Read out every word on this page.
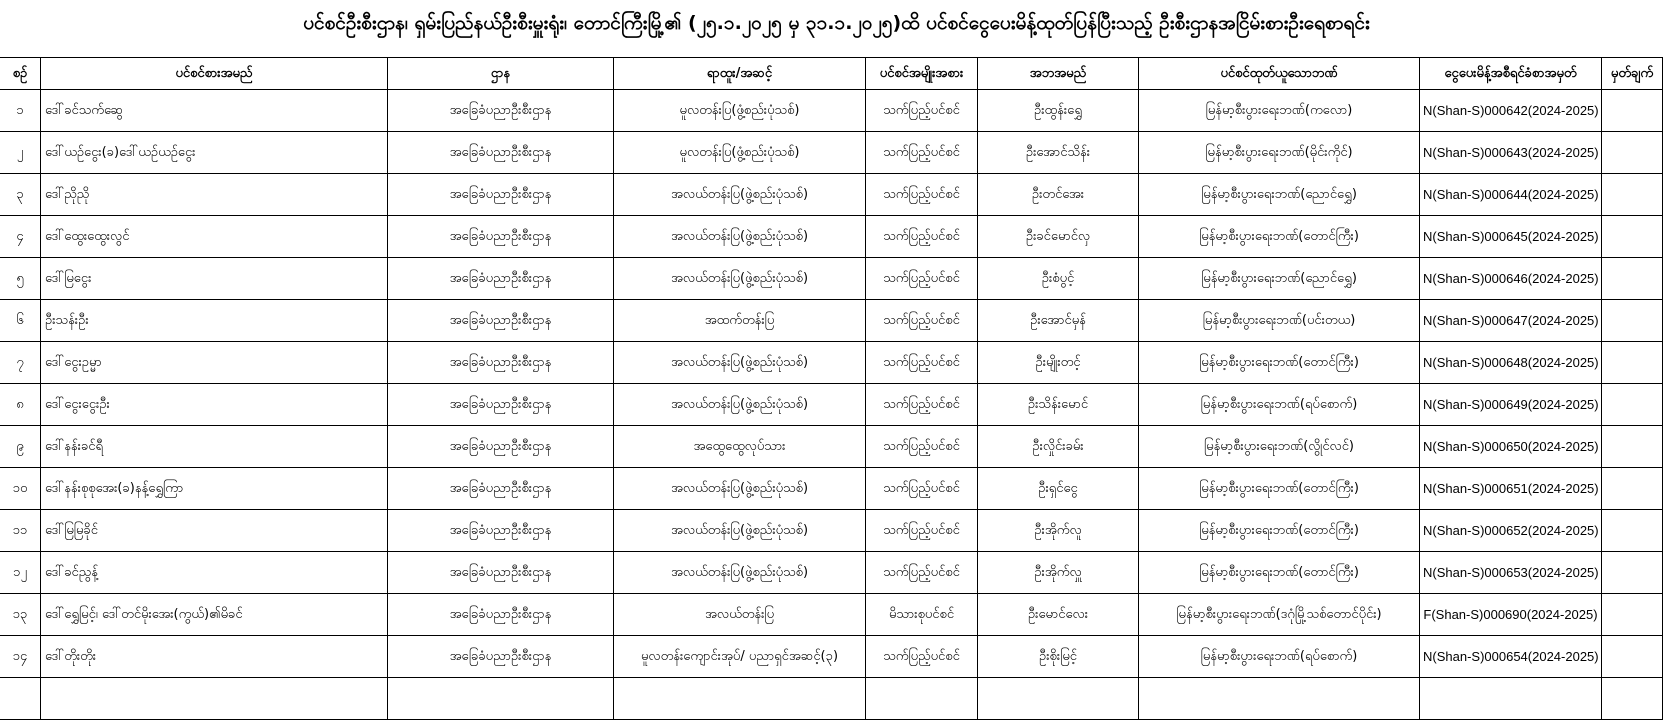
ပင်စင်ဦးစီးဌာန၊ ရှမ်းပြည်နယ်ဦးစီးမှူးရုံး၊ တောင်ကြီးမြို့၏ (၂၅.၁.၂၀၂၅ မှ ၃၁.၁.၂၀၂၅)ထိ ပင်စင်ငွေပေးမိန့်ထုတ်ပြန်ပြီးသည့် ဦးစီးဌာနအငြိမ်းစားဦးရေစာရင်း
စဉ်	ပင်စင်စားအမည်	ဌာန	ရာထူး/အဆင့်	ပင်စင်အမျိုးအစား	အဘအမည်	ပင်စင်ထုတ်ယူသောဘဏ်	ငွေပေးမိန့်အစီရင်ခံစာအမှတ်	မှတ်ချက်
၁	ဒေါ်ခင်သက်ဆွေ	အခြေခံပညာဦးစီးဌာန	မူလတန်းပြ(ဖွံ့စည်းပုံသစ်)	သက်ပြည့်ပင်စင်	ဦးထွန်းရွှေ	မြန်မာ့စီးပွားရေးဘဏ်(ကလော)	N(Shan-S)000642(2024-2025)	
၂	ဒေါ်ယဉ်ငွေး(ခ)ဒေါ်ယဉ်ယဉ်ငွေး	အခြေခံပညာဦးစီးဌာန	မူလတန်းပြ(ဖွံ့စည်းပုံသစ်)	သက်ပြည့်ပင်စင်	ဦးအောင်သိန်း	မြန်မာ့စီးပွားရေးဘဏ်(မိုင်းကိုင်)	N(Shan-S)000643(2024-2025)	
၃	ဒေါ်ညိုညို	အခြေခံပညာဦးစီးဌာန	အလယ်တန်းပြ(ဖွဲ့စည်းပုံသစ်)	သက်ပြည့်ပင်စင်	ဦးတင်အေး	မြန်မာ့စီးပွားရေးဘဏ်(ညောင်ရွှေ)	N(Shan-S)000644(2024-2025)	
၄	ဒေါ်ထွေးထွေးလွင်	အခြေခံပညာဦးစီးဌာန	အလယ်တန်းပြ(ဖွဲ့စည်းပုံသစ်)	သက်ပြည့်ပင်စင်	ဦးခင်မောင်လှ	မြန်မာ့စီးပွားရေးဘဏ်(တောင်ကြီး)	N(Shan-S)000645(2024-2025)	
၅	ဒေါ်မြငွေး	အခြေခံပညာဦးစီးဌာန	အလယ်တန်းပြ(ဖွဲ့စည်းပုံသစ်)	သက်ပြည့်ပင်စင်	ဦးစံပွင့်	မြန်မာ့စီးပွားရေးဘဏ်(ညောင်ရွှေ)	N(Shan-S)000646(2024-2025)	
၆	ဦးသန်းဦး	အခြေခံပညာဦးစီးဌာန	အထက်တန်းပြ	သက်ပြည့်ပင်စင်	ဦးအောင်မှန်	မြန်မာ့စီးပွားရေးဘဏ်(ပင်းတယ)	N(Shan-S)000647(2024-2025)	
၇	ဒေါ်ငွေးဥမ္မာ	အခြေခံပညာဦးစီးဌာန	အလယ်တန်းပြ(ဖွဲ့စည်းပုံသစ်)	သက်ပြည့်ပင်စင်	ဦးမျိုးတင့်	မြန်မာ့စီးပွားရေးဘဏ်(တောင်ကြီး)	N(Shan-S)000648(2024-2025)	
၈	ဒေါ်ငွေးငွေးဦး	အခြေခံပညာဦးစီးဌာန	အလယ်တန်းပြ(ဖွဲ့စည်းပုံသစ်)	သက်ပြည့်ပင်စင်	ဦးသိန်းမောင်	မြန်မာ့စီးပွားရေးဘဏ်(ရပ်စောက်)	N(Shan-S)000649(2024-2025)	
၉	ဒေါ်နန်းခင်ရီ	အခြေခံပညာဦးစီးဌာန	အထွေထွေလုပ်သား	သက်ပြည့်ပင်စင်	ဦးလှိုင်းခမ်း	မြန်မာ့စီးပွားရေးဘဏ်(လွိုင်လင်)	N(Shan-S)000650(2024-2025)	
၁၀	ဒေါ်နန်းစုစုအေး(ခ)နန့်ရွှေကြာ	အခြေခံပညာဦးစီးဌာန	အလယ်တန်းပြ(ဖွဲ့စည်းပုံသစ်)	သက်ပြည့်ပင်စင်	ဦးရှင်ငွေ	မြန်မာ့စီးပွားရေးဘဏ်(တောင်ကြီး)	N(Shan-S)000651(2024-2025)	
၁၁	ဒေါ်မြမြခိုင်	အခြေခံပညာဦးစီးဌာန	အလယ်တန်းပြ(ဖွဲ့စည်းပုံသစ်)	သက်ပြည့်ပင်စင်	ဦးအိုက်လူ	မြန်မာ့စီးပွားရေးဘဏ်(တောင်ကြီး)	N(Shan-S)000652(2024-2025)	
၁၂	ဒေါ်ခင်ညွန့်	အခြေခံပညာဦးစီးဌာန	အလယ်တန်းပြ(ဖွဲ့စည်းပုံသစ်)	သက်ပြည့်ပင်စင်	ဦးအိုက်လှူ	မြန်မာ့စီးပွားရေးဘဏ်(တောင်ကြီး)	N(Shan-S)000653(2024-2025)	
၁၃	ဒေါ်ရွှေမြင့်၊ ဒေါ်တင်မိုးအေး(ကွယ်)၏မိခင်	အခြေခံပညာဦးစီးဌာန	အလယ်တန်းပြ	မိသားစုပင်စင်	ဦးမောင်လေး	မြန်မာ့စီးပွားရေးဘဏ်(ဒဂုံမြို့သစ်တောင်ပိုင်း)	F(Shan-S)000690(2024-2025)	
၁၄	ဒေါ်တိုးတိုး	အခြေခံပညာဦးစီးဌာန	မူလတန်းကျောင်းအုပ်/ ပညာရှင်အဆင့်(၃)	သက်ပြည့်ပင်စင်	ဦးစိုးမြင့်	မြန်မာ့စီးပွားရေးဘဏ်(ရပ်စောက်)	N(Shan-S)000654(2024-2025)	
